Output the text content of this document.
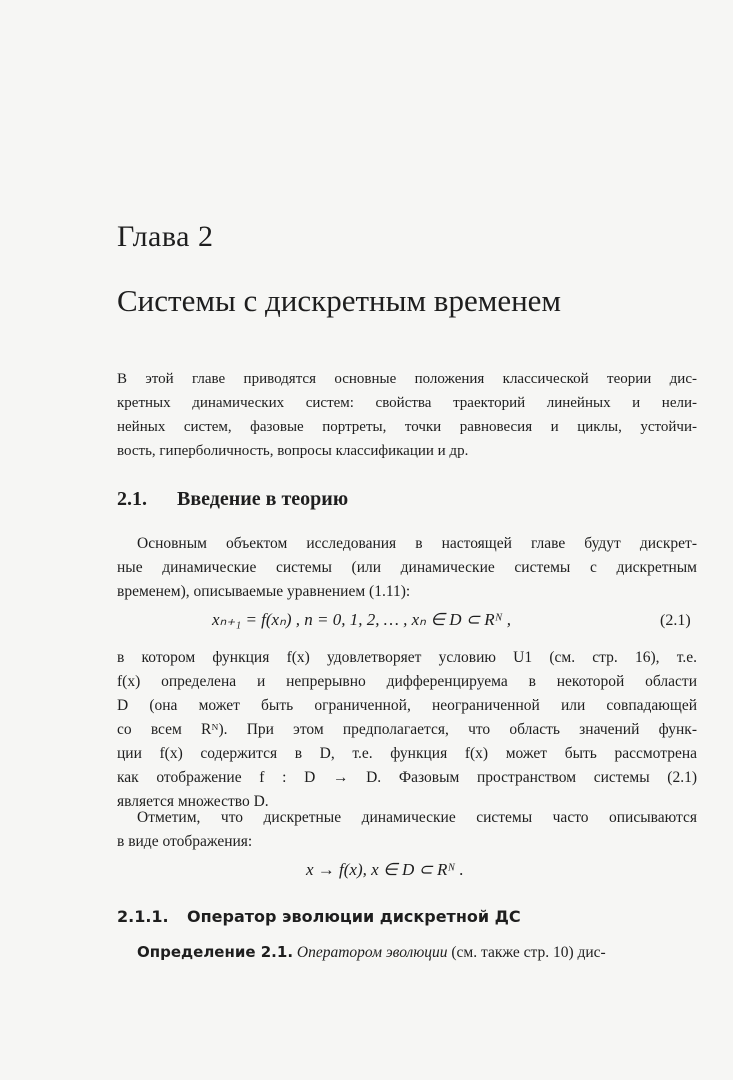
Глава 2
Системы с дискретным временем
В этой главе приводятся основные положения классической теории дис-
кретных динамических систем: свойства траекторий линейных и нели-
нейных систем, фазовые портреты, точки равновесия и циклы, устойчи-
вость, гиперболичность, вопросы классификации и др.
2.1. Введение в теорию
Основным объектом исследования в настоящей главе будут дискрет-
ные динамические системы (или динамические системы с дискретным
временем), описываемые уравнением (1.11):
xₙ₊₁ = f(xₙ) , n = 0, 1, 2, … , xₙ ∈ D ⊂ Rᴺ ,	(2.1)
в котором функция f(x) удовлетворяет условию U1 (см. стр. 16), т.е.
f(x) определена и непрерывно дифференцируема в некоторой области
D (она может быть ограниченной, неограниченной или совпадающей
со всем Rᴺ). При этом предполагается, что область значений функ-
ции f(x) содержится в D, т.е. функция f(x) может быть рассмотрена
как отображение f : D → D. Фазовым пространством системы (2.1)
является множество D.
Отметим, что дискретные динамические системы часто описываются
в виде отображения:
x → f(x), x ∈ D ⊂ Rᴺ .
2.1.1. Оператор эволюции дискретной ДС
Определение 2.1. Оператором эволюции (см. также стр. 10) дис-
